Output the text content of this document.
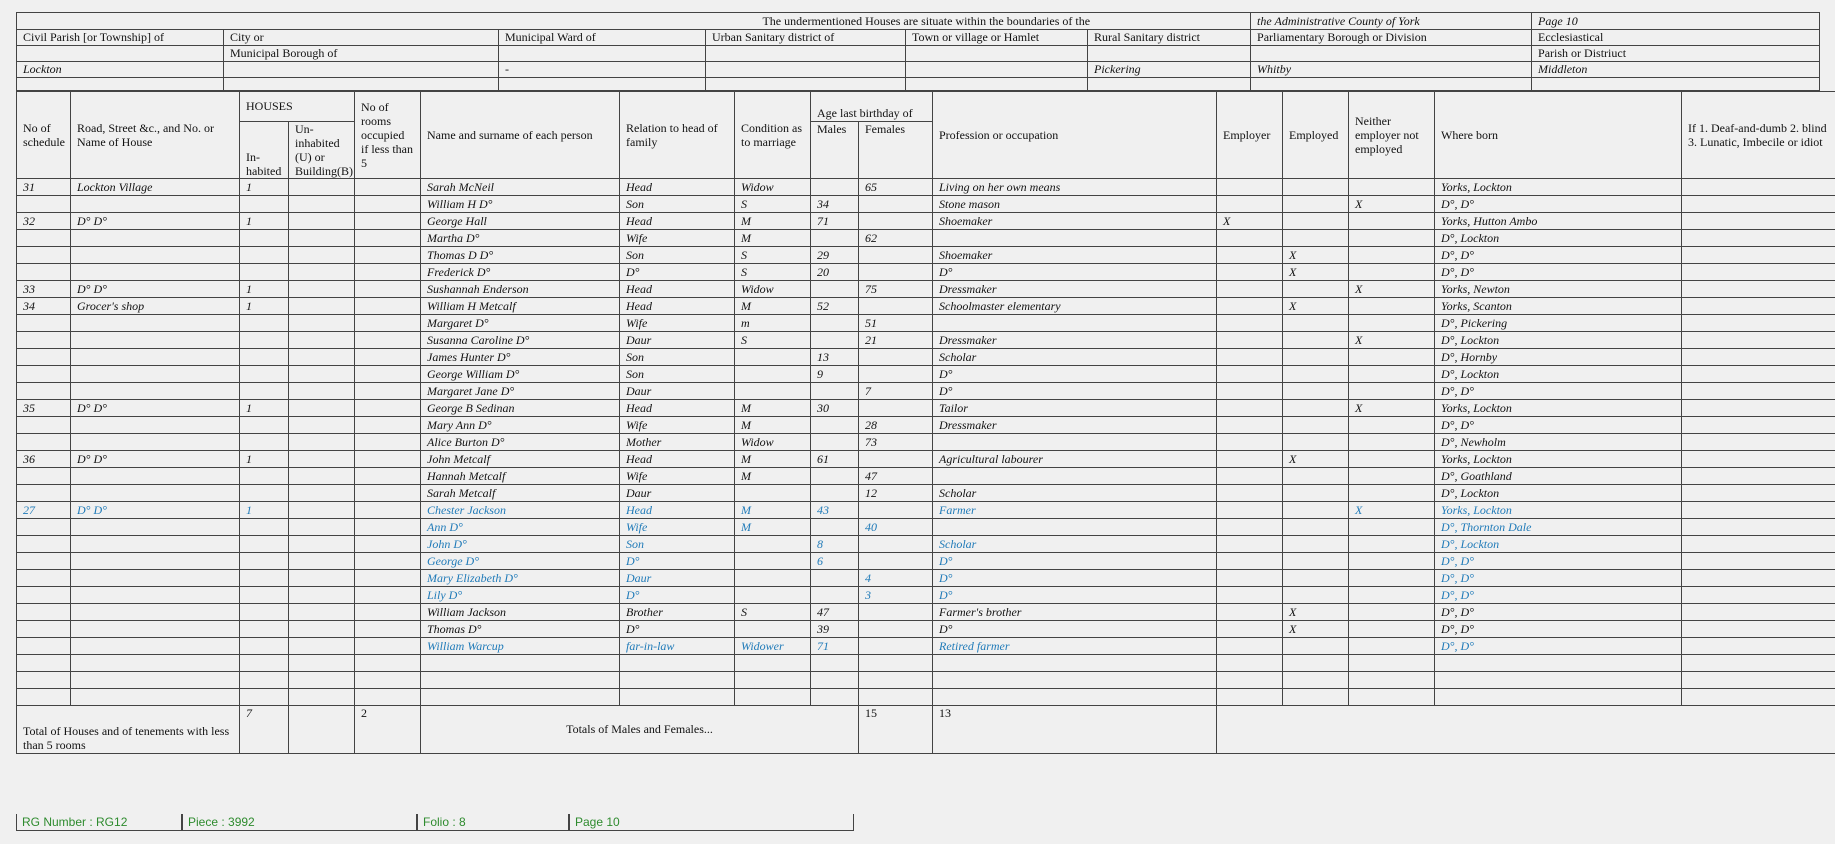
The undermentioned Houses are situate within the boundaries of the						the Administrative County of York	Page 10
Civil Parish [or Township] of	City or	Municipal Ward of	Urban Sanitary district of	Town or village or Hamlet	Rural Sanitary district	Parliamentary Borough or Division	Ecclesiastical
	Municipal Borough of						Parish or Distriuct
Lockton		-			Pickering	Whitby	Middleton

No of schedule	Road, Street &c., and No. or Name of House	HOUSES		No of rooms occupied if less than 5	Name and surname of each person	Relation to head of family	Condition as to marriage	Age last birthday of		Profession or occupation	Employer	Employed	Neither employer not employed	Where born	If 1. Deaf-and-dumb 2. blind 3. Lunatic, Imbecile or idiot
		In- habited	Un- inhabited (U) or Building(B)					Males	Females						
31	Lockton Village	1			Sarah McNeil	Head	Widow		65	Living on her own means				Yorks, Lockton	
					William H D°	Son	S	34		Stone mason			X	D°, D°	
32	D° D°	1			George Hall	Head	M	71		Shoemaker	X			Yorks, Hutton Ambo	
					Martha D°	Wife	M		62					D°, Lockton	
					Thomas D D°	Son	S	29		Shoemaker		X		D°, D°	
					Frederick D°	D°	S	20		D°		X		D°, D°	
33	D° D°	1			Sushannah Enderson	Head	Widow		75	Dressmaker			X	Yorks, Newton	
34	Grocer's shop	1			William H Metcalf	Head	M	52		Schoolmaster elementary		X		Yorks, Scanton	
					Margaret D°	Wife	m		51					D°, Pickering	
					Susanna Caroline D°	Daur	S		21	Dressmaker			X	D°, Lockton	
					James Hunter D°	Son		13		Scholar				D°, Hornby	
					George William D°	Son		9		D°				D°, Lockton	
					Margaret Jane D°	Daur			7	D°				D°, D°	
35	D° D°	1			George B Sedinan	Head	M	30		Tailor			X	Yorks, Lockton	
					Mary Ann D°	Wife	M		28	Dressmaker				D°, D°	
					Alice Burton D°	Mother	Widow		73					D°, Newholm	
36	D° D°	1			John Metcalf	Head	M	61		Agricultural labourer		X		Yorks, Lockton	
					Hannah Metcalf	Wife	M		47					D°, Goathland	
					Sarah Metcalf	Daur			12	Scholar				D°, Lockton	
27	D° D°	1			Chester Jackson	Head	M	43		Farmer			X	Yorks, Lockton	
					Ann D°	Wife	M		40					D°, Thornton Dale	
					John D°	Son		8		Scholar				D°, Lockton	
					George D°	D°		6		D°				D°, D°	
					Mary Elizabeth D°	Daur			4	D°				D°, D°	
					Lily D°	D°			3	D°				D°, D°	
					William Jackson	Brother	S	47		Farmer's brother		X		D°, D°	
					Thomas D°	D°		39		D°		X		D°, D°	
					William Warcup	far-in-law	Widower	71		Retired farmer				D°, D°	

Total of Houses and of tenements with less than 5 rooms		7		2	Totals of Males and Females...				15	13					
RG Number : RG12	Piece : 3992	Folio : 8	Page 10
